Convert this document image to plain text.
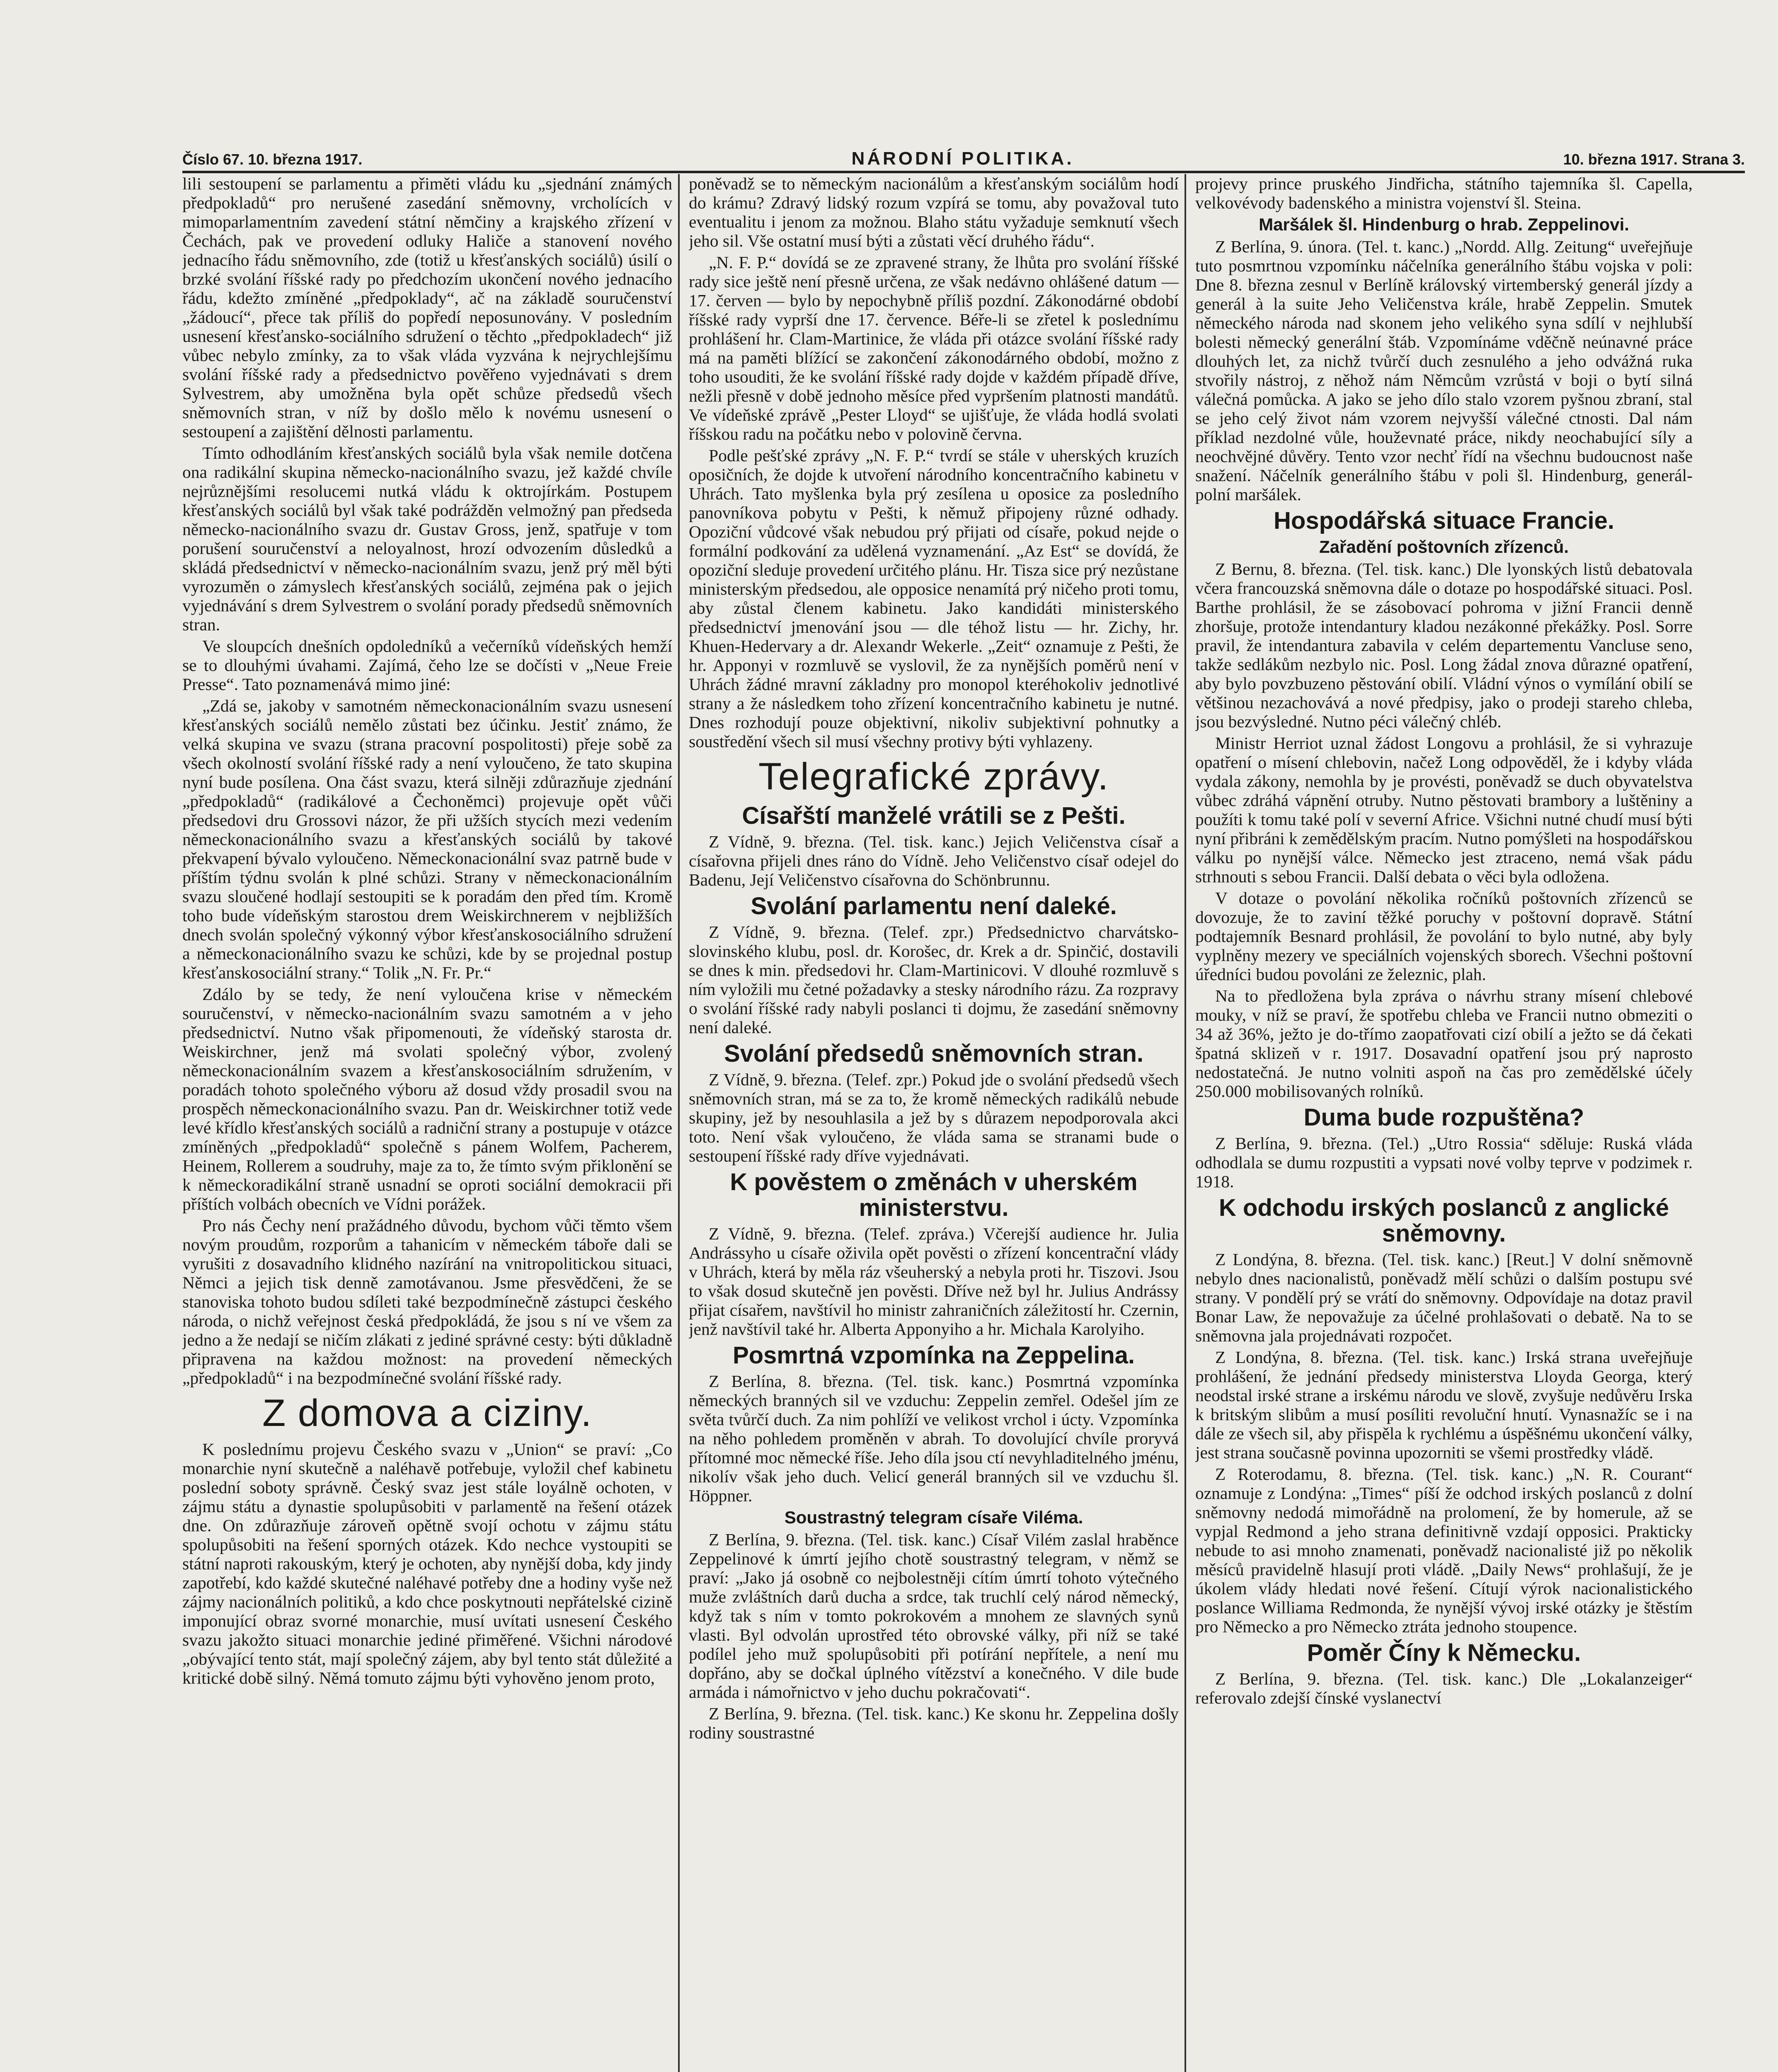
Číslo 67. 10. března 1917.	NÁRODNÍ POLITIKA.	10. března 1917. Strana 3.

lili sestoupení se parlamentu a přiměti vládu ku „sjednání známých předpokladů“ pro nerušené zasedání sněmovny, vrcholících v mimoparlamentním zavedení státní němčiny a krajského zřízení v Čechách, pak ve provedení odluky Haliče a stanovení nového jednacího řádu sněmovního, zde (totiž u křesťanských sociálů) úsilí o brzké svolání říšské rady po předchozím ukončení nového jednacího řádu, kdežto zmíněné „předpoklady“, ač na základě souručenství „žádoucí“, přece tak příliš do popředí neposunovány. V posledním usnesení křesťansko-sociálního sdružení o těchto „předpokladech“ již vůbec nebylo zmínky, za to však vláda vyzvána k nejrychlejšímu svolání říšské rady a předsednictvo pověřeno vyjednávati s drem Sylvestrem, aby umožněna byla opět schůze předsedů všech sněmovních stran, v níž by došlo mělo k novému usnesení o sestoupení a zajištění dělnosti parlamentu.

Tímto odhodláním křesťanských sociálů byla však nemile dotčena ona radikální skupina německo-nacionálního svazu, jež každé chvíle nejrůznějšími resolucemi nutká vládu k oktrojírkám. Postupem křesťanských sociálů byl však také podrážděn velmožný pan předseda německo-nacionálního svazu dr. Gustav Gross, jenž, spatřuje v tom porušení souručenství a neloyalnost, hrozí odvozením důsledků a skládá předsednictví v německo-nacionálním svazu, jenž prý měl býti vyrozuměn o zámyslech křesťanských sociálů, zejména pak o jejich vyjednávání s drem Sylvestrem o svolání porady předsedů sněmovních stran.

Ve sloupcích dnešních opdoledníků a večerníků vídeňských hemží se to dlouhými úvahami. Zajímá, čeho lze se dočísti v „Neue Freie Presse“. Tato poznamenává mimo jiné:

„Zdá se, jakoby v samotném německonacionálním svazu usnesení křesťanských sociálů nemělo zůstati bez účinku. Jestiť známo, že velká skupina ve svazu (strana pracovní pospolitosti) přeje sobě za všech okolností svolání říšské rady a není vyloučeno, že tato skupina nyní bude posílena. Ona část svazu, která silněji zdůrazňuje zjednání „předpokladů“ (radikálové a Čechoněmci) projevuje opět vůči předsedovi dru Grossovi názor, že při užších stycích mezi vedením německonacionálního svazu a křesťanských sociálů by takové překvapení bývalo vyloučeno. Německonacionální svaz patrně bude v příštím týdnu svolán k plné schůzi. Strany v německonacionálním svazu sloučené hodlají sestoupiti se k poradám den před tím. Kromě toho bude vídeňským starostou drem Weiskirchnerem v nejbližších dnech svolán společný výkonný výbor křesťanskosociálního sdružení a německonacionálního svazu ke schůzi, kde by se projednal postup křesťanskosociální strany.“ Tolik „N. Fr. Pr.“

Zdálo by se tedy, že není vyloučena krise v německém souručenství, v německo-nacionálním svazu samotném a v jeho předsednictví. Nutno však připomenouti, že vídeňský starosta dr. Weiskirchner, jenž má svolati společný výbor, zvolený německonacionálním svazem a křesťanskosociálním sdružením, v poradách tohoto společného výboru až dosud vždy prosadil svou na prospěch německonacionálního svazu. Pan dr. Weiskirchner totiž vede levé křídlo křesťanských sociálů a radniční strany a postupuje v otázce zmíněných „předpokladů“ společně s pánem Wolfem, Pacherem, Heinem, Rollerem a soudruhy, maje za to, že tímto svým přiklonění se k německoradikální straně usnadní se oproti sociální demokracii při příštích volbách obecních ve Vídni porážek.

Pro nás Čechy není pražádného důvodu, bychom vůči těmto všem novým proudům, rozporům a tahanicím v německém táboře dali se vyrušiti z dosavadního klidného nazírání na vnitropolitickou situaci, Němci a jejich tisk denně zamotávanou. Jsme přesvědčeni, že se stanoviska tohoto budou sdíleti také bezpodmínečně zástupci českého národa, o nichž veřejnost česká předpokládá, že jsou s ní ve všem za jedno a že nedají se ničím zlákati z jediné správné cesty: býti důkladně připravena na každou možnost: na provedení německých „předpokladů“ i na bezpodmínečné svolání říšské rady.

Z domova a ciziny.

K poslednímu projevu Českého svazu v „Union“ se praví: „Co monarchie nyní skutečně a naléhavě potřebuje, vyložil chef kabinetu poslední soboty správně. Český svaz jest stále loyálně ochoten, v zájmu státu a dynastie spolupůsobiti v parlamentě na řešení otázek dne. On zdůrazňuje zároveň opětně svojí ochotu v zájmu státu spolupůsobiti na řešení sporných otázek. Kdo nechce vystoupiti se státní naproti rakouským, který je ochoten, aby nynější doba, kdy jindy zapotřebí, kdo každé skutečné naléhavé potřeby dne a hodiny vyše než zájmy nacionálních politiků, a kdo chce poskytnouti nepřátelské cizině imponující obraz svorné monarchie, musí uvítati usnesení Českého svazu jakožto situaci monarchie jediné přiměřené. Všichni národové „obývající tento stát, mají společný zájem, aby byl tento stát důležité a kritické době silný. Němá tomuto zájmu býti vyhověno jenom proto,

poněvadž se to německým nacionálům a křesťanským sociálům hodí do krámu? Zdravý lidský rozum vzpírá se tomu, aby považoval tuto eventualitu i jenom za možnou. Blaho státu vyžaduje semknutí všech jeho sil. Vše ostatní musí býti a zůstati věcí druhého řádu“.

„N. F. P.“ dovídá se ze zpravené strany, že lhůta pro svolání říšské rady sice ještě není přesně určena, ze však nedávno ohlášené datum — 17. červen — bylo by nepochybně příliš pozdní. Zákonodárné období říšské rady vyprší dne 17. července. Béře-li se zřetel k poslednímu prohlášení hr. Clam-Martinice, že vláda při otázce svolání říšské rady má na paměti blížící se zakončení zákonodárného období, možno z toho usouditi, že ke svolání říšské rady dojde v každém případě dříve, nežli přesně v době jednoho měsíce před vypršením platnosti mandátů. Ve vídeňské zprávě „Pester Lloyd“ se ujišťuje, že vláda hodlá svolati říšskou radu na počátku nebo v polovině června.

Podle pešťské zprávy „N. F. P.“ tvrdí se stále v uherských kruzích oposičních, že dojde k utvoření národního koncentračního kabinetu v Uhrách. Tato myšlenka byla prý zesílena u oposice za posledního panovníkova pobytu v Pešti, k němuž připojeny různé odhady. Opoziční vůdcové však nebudou prý přijati od císaře, pokud nejde o formální podkování za udělená vyznamenání. „Az Est“ se dovídá, že opoziční sleduje provedení určitého plánu. Hr. Tisza sice prý nezůstane ministerským předsedou, ale opposice nenamítá prý ničeho proti tomu, aby zůstal členem kabinetu. Jako kandidáti ministerského předsednictví jmenování jsou — dle téhož listu — hr. Zichy, hr. Khuen-Hedervary a dr. Alexandr Wekerle. „Zeit“ oznamuje z Pešti, že hr. Apponyi v rozmluvě se vyslovil, že za nynějších poměrů není v Uhrách žádné mravní základny pro monopol kteréhokoliv jednotlivé strany a že následkem toho zřízení koncentračního kabinetu je nutné. Dnes rozhodují pouze objektivní, nikoliv subjektivní pohnutky a soustředění všech sil musí všechny protivy býti vyhlazeny.

Telegrafické zprávy.
Císařští manželé vrátili se z Pešti.

Z Vídně, 9. března. (Tel. tisk. kanc.) Jejich Veličenstva císař a císařovna přijeli dnes ráno do Vídně. Jeho Veličenstvo císař odejel do Badenu, Její Veličenstvo císařovna do Schönbrunnu.

Svolání parlamentu není daleké.

Z Vídně, 9. března. (Telef. zpr.) Předsednictvo charvátsko-slovinského klubu, posl. dr. Korošec, dr. Krek a dr. Spinčić, dostavili se dnes k min. předsedovi hr. Clam-Martinicovi. V dlouhé rozmluvě s ním vyložili mu četné požadavky a stesky národního rázu. Za rozpravy o svolání říšské rady nabyli poslanci ti dojmu, že zasedání sněmovny není daleké.

Svolání předsedů sněmovních stran.

Z Vídně, 9. března. (Telef. zpr.) Pokud jde o svolání předsedů všech sněmovních stran, má se za to, že kromě německých radikálů nebude skupiny, jež by nesouhlasila a jež by s důrazem nepodporovala akci toto. Není však vyloučeno, že vláda sama se stranami bude o sestoupení říšské rady dříve vyjednávati.

K pověstem o změnách v uherském ministerstvu.

Z Vídně, 9. března. (Telef. zpráva.) Včerejší audience hr. Julia Andrássyho u císaře oživila opět pověsti o zřízení koncentrační vlády v Uhrách, která by měla ráz všeuherský a nebyla proti hr. Tiszovi. Jsou to však dosud skutečně jen pověsti. Dříve než byl hr. Julius Andrássy přijat císařem, navštívil ho ministr zahraničních záležitostí hr. Czernin, jenž navštívil také hr. Alberta Apponyiho a hr. Michala Karolyiho.

Posmrtná vzpomínka na Zeppelina.

Z Berlína, 8. března. (Tel. tisk. kanc.) Posmrtná vzpomínka německých branných sil ve vzduchu: Zeppelin zemřel. Odešel jím ze světa tvůrčí duch. Za nim pohlíží ve velikost vrchol i úcty. Vzpomínka na něho pohledem proměněn v abrah. To dovolující chvíle proryvá přítomné moc německé říše. Jeho díla jsou ctí nevyhladitelného jménu, nikolív však jeho duch. Velicí generál branných sil ve vzduchu šl. Höppner.

Soustrastný telegram císaře Viléma.

Z Berlína, 9. března. (Tel. tisk. kanc.) Císař Vilém zaslal hraběnce Zeppelinové k úmrtí jejího chotě soustrastný telegram, v němž se praví: „Jako já osobně co nejbolestněji cítím úmrtí tohoto výtečného muže zvláštních darů ducha a srdce, tak truchlí celý národ německý, když tak s ním v tomto pokrokovém a mnohem ze slavných synů vlasti. Byl odvolán uprostřed této obrovské války, při níž se také podílel jeho muž spolupůsobiti při potírání nepřítele, a není mu dopřáno, aby se dočkal úplného vítězství a konečného. V dile bude armáda i námořnictvo v jeho duchu pokračovati“.

Z Berlína, 9. března. (Tel. tisk. kanc.) Ke skonu hr. Zeppelina došly rodiny soustrastné

projevy prince pruského Jindřicha, státního tajemníka šl. Capella, velkovévody badenského a ministra vojenství šl. Steina.

Maršálek šl. Hindenburg o hrab. Zeppelinovi.

Z Berlína, 9. února. (Tel. t. kanc.) „Nordd. Allg. Zeitung“ uveřejňuje tuto posmrtnou vzpomínku náčelníka generálního štábu vojska v poli: Dne 8. března zesnul v Berlíně královský virtemberský generál jízdy a generál à la suite Jeho Veličenstva krále, hrabě Zeppelin. Smutek německého národa nad skonem jeho velikého syna sdílí v nejhlubší bolesti německý generální štáb. Vzpomínáme vděčně neúnavné práce dlouhých let, za nichž tvůrčí duch zesnulého a jeho odvážná ruka stvořily nástroj, z něhož nám Němcům vzrůstá v boji o bytí silná válečná pomůcka. A jako se jeho dílo stalo vzorem pyšnou zbraní, stal se jeho celý život nám vzorem nejvyšší válečné ctnosti. Dal nám příklad nezdolné vůle, houževnaté práce, nikdy neochabující síly a neochvějné důvěry. Tento vzor nechť řídí na všechnu budoucnost naše snažení. Náčelník generálního štábu v poli šl. Hindenburg, generál-polní maršálek.

Hospodářská situace Francie.
Zařadění poštovních zřízenců.

Z Bernu, 8. března. (Tel. tisk. kanc.) Dle lyonských listů debatovala včera francouzská sněmovna dále o dotaze po hospodářské situaci. Posl. Barthe prohlásil, že se zásobovací pohroma v jižní Francii denně zhoršuje, protože intendantury kladou nezákonné překážky. Posl. Sorre pravil, že intendantura zabavila v celém departementu Vancluse seno, takže sedlákům nezbylo nic. Posl. Long žádal znova důrazné opatření, aby bylo povzbuzeno pěstování obilí. Vládní výnos o vymílání obilí se většinou nezachovává a nové předpisy, jako o prodeji stareho chleba, jsou bezvýsledné. Nutno péci válečný chléb.

Ministr Herriot uznal žádost Longovu a prohlásil, že si vyhrazuje opatření o mísení chlebovin, načež Long odpověděl, že i kdyby vláda vydala zákony, nemohla by je provésti, poněvadž se duch obyvatelstva vůbec zdráhá vápnění otruby. Nutno pěstovati brambory a luštěniny a použíti k tomu také polí v severní Africe. Všichni nutné chudí musí býti nyní přibráni k zemědělským pracím. Nutno pomýšleti na hospodářskou válku po nynější válce. Německo jest ztraceno, nemá však pádu strhnouti s sebou Francii. Další debata o věci byla odložena.

V dotaze o povolání několika ročníků poštovních zřízenců se dovozuje, že to zaviní těžké poruchy v poštovní dopravě. Státní podtajemník Besnard prohlásil, že povolání to bylo nutné, aby byly vyplněny mezery ve speciálních vojenských sborech. Všechni poštovní úředníci budou povoláni ze železnic, plah.

Na to předložena byla zpráva o návrhu strany mísení chlebové mouky, v níž se praví, že spotřebu chleba ve Francii nutno obmeziti o 34 až 36%, ježto je do-třímo zaopatřovati cizí obilí a ježto se dá čekati špatná sklizeň v r. 1917. Dosavadní opatření jsou prý naprosto nedostatečná. Je nutno volniti aspoň na čas pro zemědělské účely 250.000 mobilisovaných rolníků.

Duma bude rozpuštěna?

Z Berlína, 9. března. (Tel.) „Utro Rossia“ sděluje: Ruská vláda odhodlala se dumu rozpustiti a vypsati nové volby teprve v podzimek r. 1918.

K odchodu irských poslanců z anglické sněmovny.

Z Londýna, 8. března. (Tel. tisk. kanc.) [Reut.] V dolní sněmovně nebylo dnes nacionalistů, poněvadž mělí schůzi o dalším postupu své strany. V pondělí prý se vrátí do sněmovny. Odpovídaje na dotaz pravil Bonar Law, že nepovažuje za účelné prohlašovati o debatě. Na to se sněmovna jala projednávati rozpočet.

Z Londýna, 8. března. (Tel. tisk. kanc.) Irská strana uveřejňuje prohlášení, že jednání předsedy ministerstva Lloyda Georga, který neodstal irské strane a irskému národu ve slově, zvyšuje nedůvěru Irska k britským slibům a musí posíliti revoluční hnutí. Vynasnažíc se i na dále ze všech sil, aby přispěla k rychlému a úspěšnému ukončení války, jest strana současně povinna upozorniti se všemi prostředky vládě.

Z Roterodamu, 8. března. (Tel. tisk. kanc.) „N. R. Courant“ oznamuje z Londýna: „Times“ píší že odchod irských poslanců z dolní sněmovny nedodá mimořádně na prolomení, že by homerule, až se vypjal Redmond a jeho strana definitivně vzdají opposici. Prakticky nebude to asi mnoho znamenati, poněvadž nacionalisté již po několik měsíců pravidelně hlasují proti vládě. „Daily News“ prohlašují, že je úkolem vlády hledati nové řešení. Cítují výrok nacionalistického poslance Williama Redmonda, že nynější vývoj irské otázky je štěstím pro Německo a pro Německo ztráta jednoho stoupence.

Poměr Číny k Německu.

Z Berlína, 9. března. (Tel. tisk. kanc.) Dle „Lokalanzeiger“ referovalo zdejší čínské vyslanectví
